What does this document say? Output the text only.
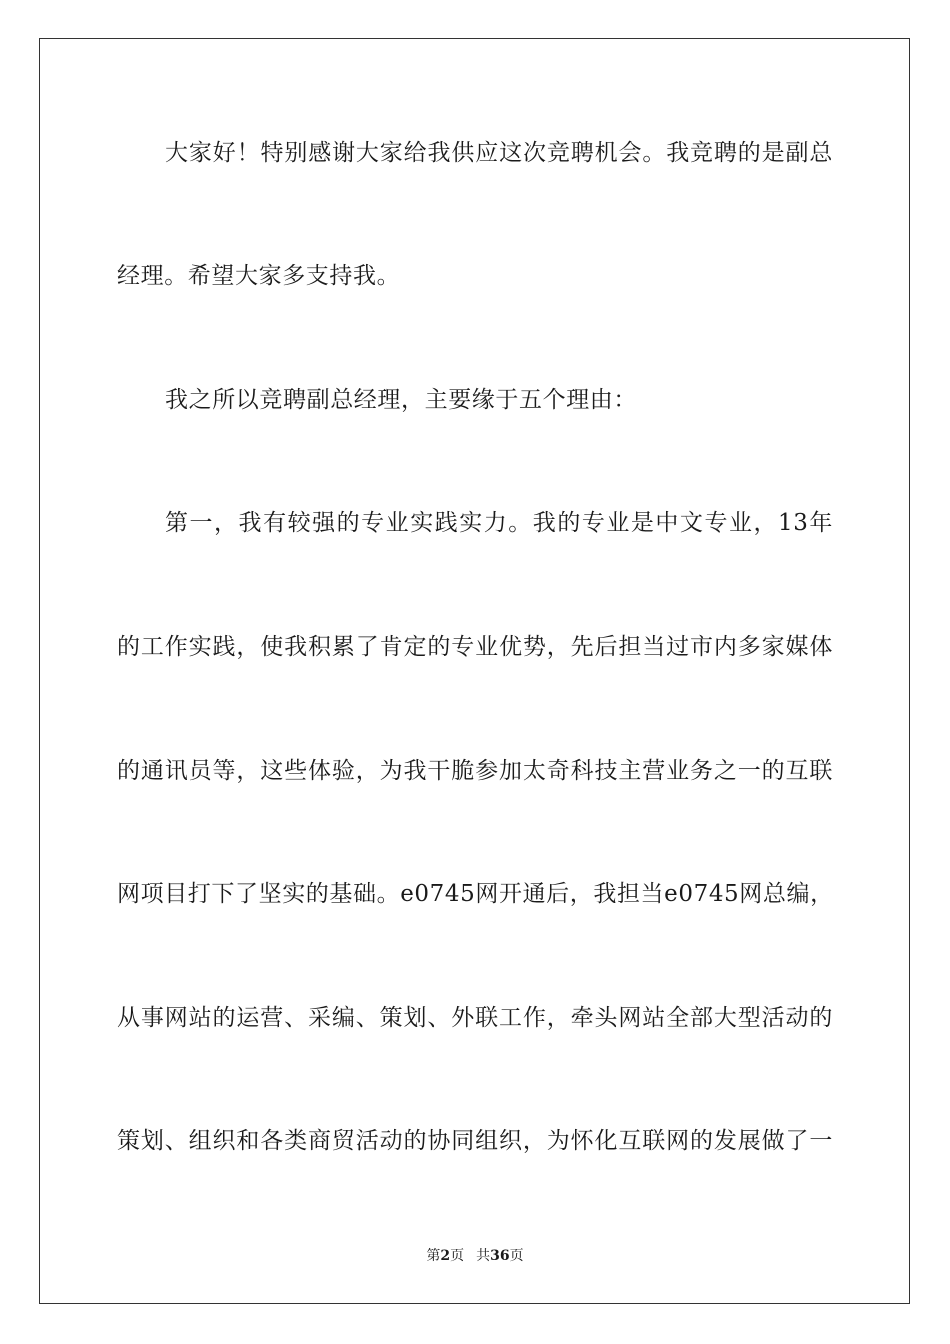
大家好！特别感谢大家给我供应这次竞聘机会。我竞聘的是副总
经理。希望大家多支持我。
我之所以竞聘副总经理，主要缘于五个理由：
第一，我有较强的专业实践实力。我的专业是中文专业，13年
的工作实践，使我积累了肯定的专业优势，先后担当过市内多家媒体
的通讯员等，这些体验，为我干脆参加太奇科技主营业务之一的互联
网项目打下了坚实的基础。e0745网开通后，我担当e0745网总编，
从事网站的运营、采编、策划、外联工作，牵头网站全部大型活动的
策划、组织和各类商贸活动的协同组织，为怀化互联网的发展做了一
第2页 共36页
